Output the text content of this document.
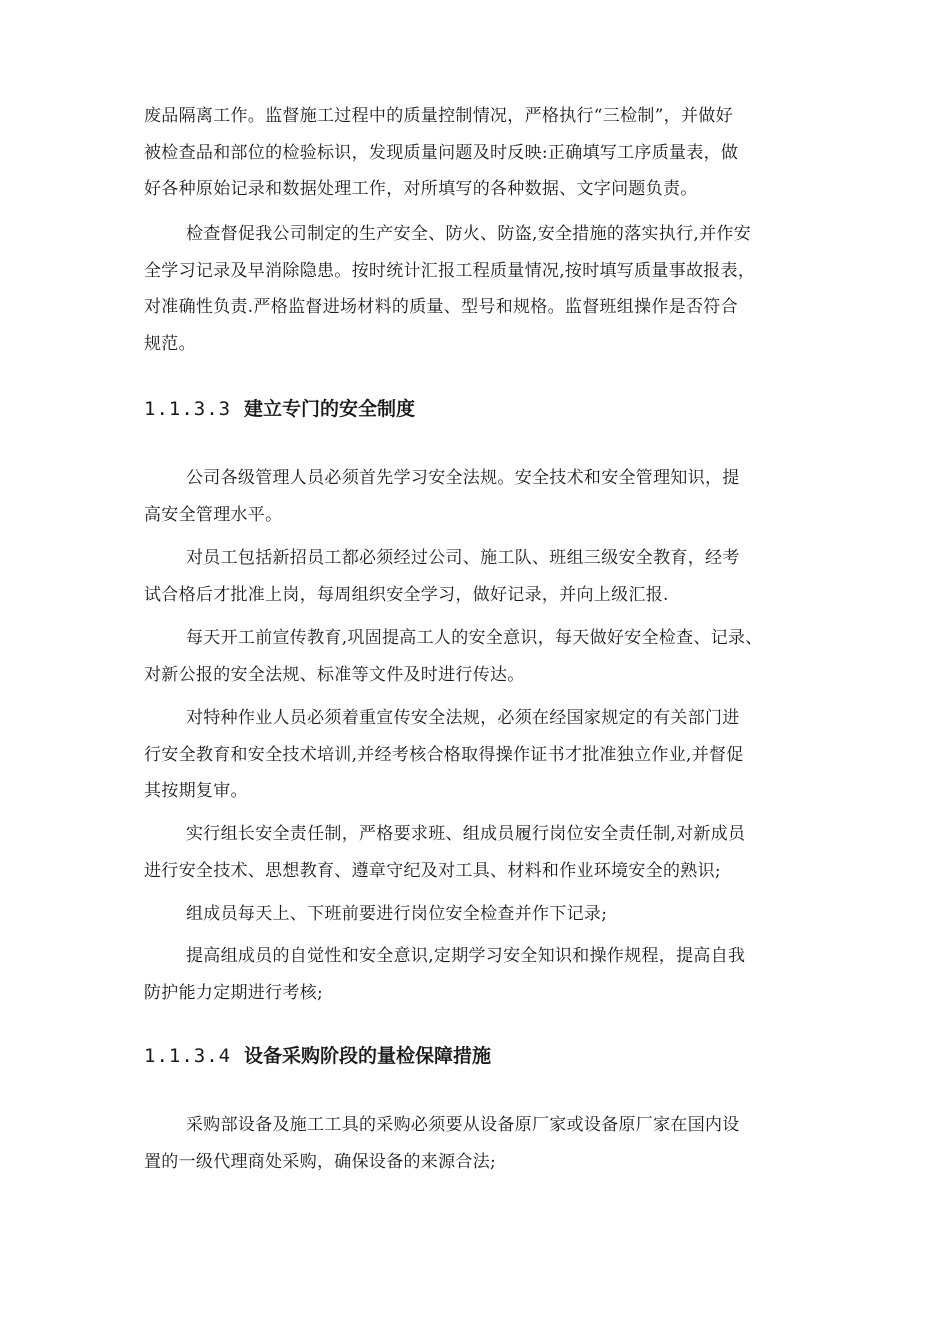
废品隔离工作。监督施工过程中的质量控制情况，严格执行“三检制”，并做好
被检查品和部位的检验标识，发现质量问题及时反映:正确填写工序质量表，做
好各种原始记录和数据处理工作，对所填写的各种数据、文字问题负责。

检查督促我公司制定的生产安全、防火、防盗,安全措施的落实执行,并作安
全学习记录及早消除隐患。按时统计汇报工程质量情况,按时填写质量事故报表，
对准确性负责.严格监督进场材料的质量、型号和规格。监督班组操作是否符合
规范。

1.1.3.3 建立专门的安全制度

公司各级管理人员必须首先学习安全法规。安全技术和安全管理知识，提
高安全管理水平。

对员工包括新招员工都必须经过公司、施工队、班组三级安全教育，经考
试合格后才批准上岗，每周组织安全学习，做好记录，并向上级汇报.

每天开工前宣传教育,巩固提高工人的安全意识，每天做好安全检查、记录、
对新公报的安全法规、标准等文件及时进行传达。

对特种作业人员必须着重宣传安全法规，必须在经国家规定的有关部门进
行安全教育和安全技术培训,并经考核合格取得操作证书才批准独立作业,并督促
其按期复审。

实行组长安全责任制，严格要求班、组成员履行岗位安全责任制,对新成员
进行安全技术、思想教育、遵章守纪及对工具、材料和作业环境安全的熟识;

组成员每天上、下班前要进行岗位安全检查并作下记录;

提高组成员的自觉性和安全意识,定期学习安全知识和操作规程，提高自我
防护能力定期进行考核;

1.1.3.4 设备采购阶段的量检保障措施

采购部设备及施工工具的采购必须要从设备原厂家或设备原厂家在国内设
置的一级代理商处采购，确保设备的来源合法;
